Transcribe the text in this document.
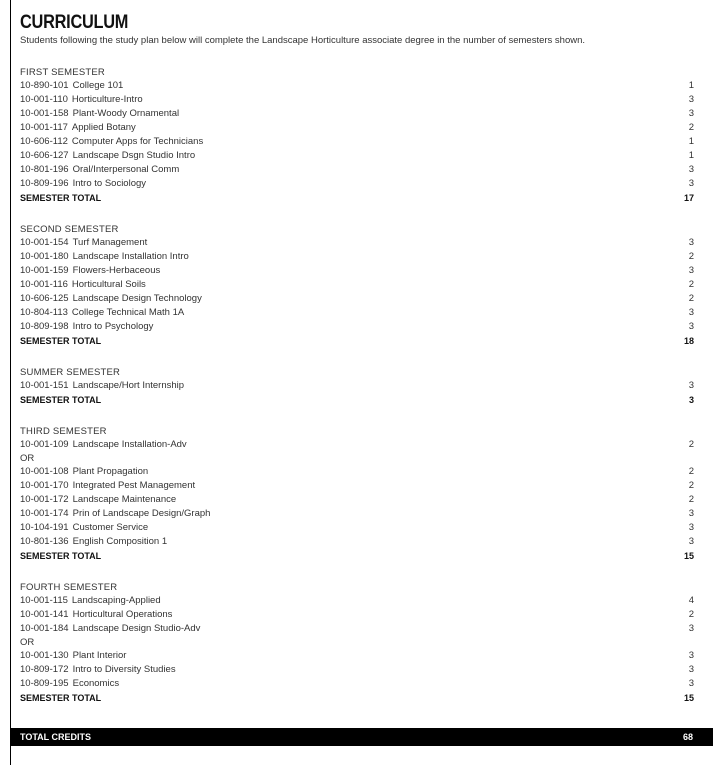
CURRICULUM
Students following the study plan below will complete the Landscape Horticulture associate degree in the number of semesters shown.
FIRST SEMESTER
10-890-101 College 101	1
10-001-110 Horticulture-Intro	3
10-001-158 Plant-Woody Ornamental	3
10-001-117 Applied Botany	2
10-606-112 Computer Apps for Technicians	1
10-606-127 Landscape Dsgn Studio Intro	1
10-801-196 Oral/Interpersonal Comm	3
10-809-196 Intro to Sociology	3
SEMESTER TOTAL	17
SECOND SEMESTER
10-001-154 Turf Management	3
10-001-180 Landscape Installation Intro	2
10-001-159 Flowers-Herbaceous	3
10-001-116 Horticultural Soils	2
10-606-125 Landscape Design Technology	2
10-804-113 College Technical Math 1A	3
10-809-198 Intro to Psychology	3
SEMESTER TOTAL	18
SUMMER SEMESTER
10-001-151 Landscape/Hort Internship	3
SEMESTER TOTAL	3
THIRD SEMESTER
10-001-109 Landscape Installation-Adv	2
OR
10-001-108 Plant Propagation	2
10-001-170 Integrated Pest Management	2
10-001-172 Landscape Maintenance	2
10-001-174 Prin of Landscape Design/Graph	3
10-104-191 Customer Service	3
10-801-136 English Composition 1	3
SEMESTER TOTAL	15
FOURTH SEMESTER
10-001-115 Landscaping-Applied	4
10-001-141 Horticultural Operations	2
10-001-184 Landscape Design Studio-Adv	3
OR
10-001-130 Plant Interior	3
10-809-172 Intro to Diversity Studies	3
10-809-195 Economics	3
SEMESTER TOTAL	15
TOTAL CREDITS	68
